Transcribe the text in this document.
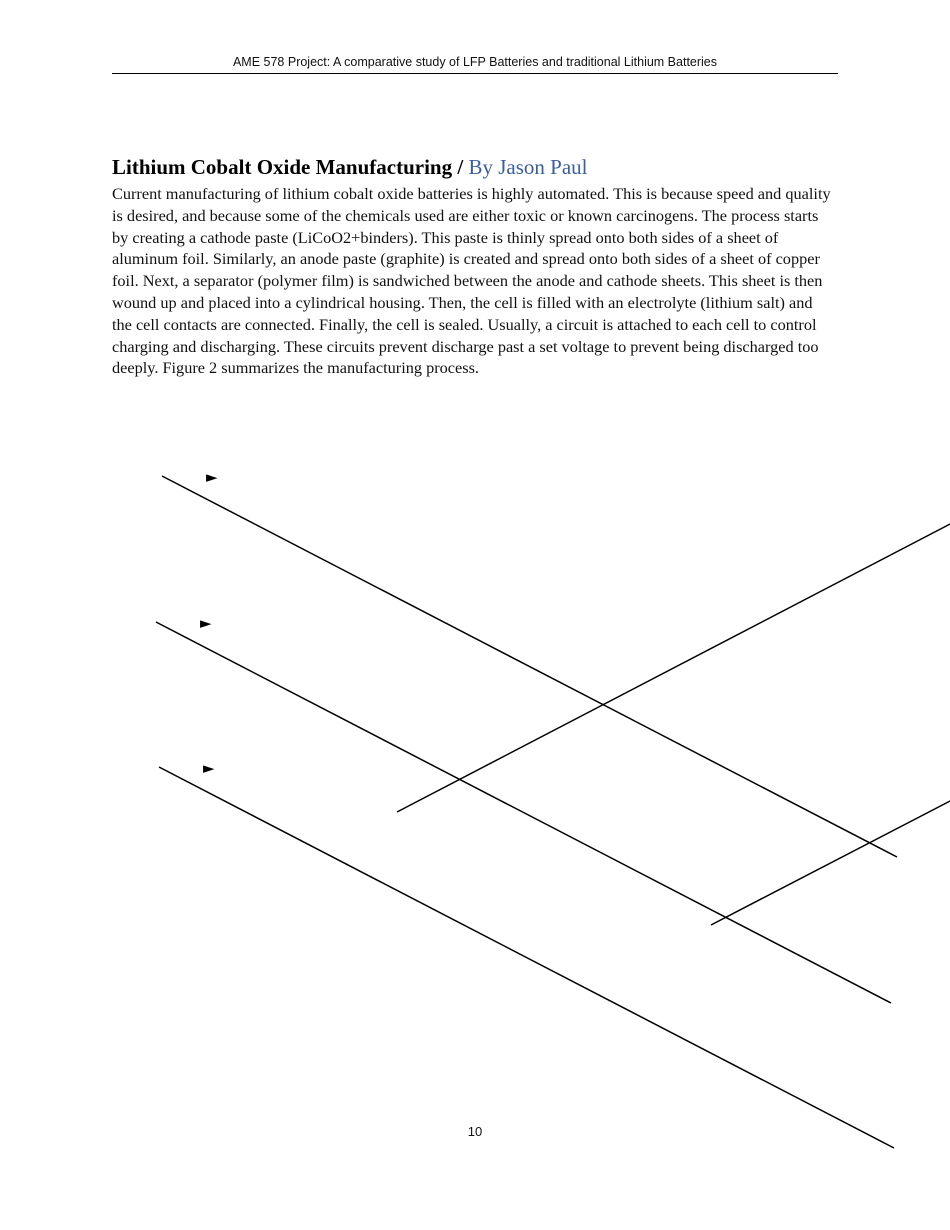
AME 578 Project: A comparative study of LFP Batteries and traditional Lithium Batteries
Lithium Cobalt Oxide Manufacturing / By Jason Paul

Current manufacturing of lithium cobalt oxide batteries is highly automated. This is because speed and quality is desired, and because some of the chemicals used are either toxic or known carcinogens. The process starts by creating a cathode paste (LiCoO2+binders). This paste is thinly spread onto both sides of a sheet of aluminum foil. Similarly, an anode paste (graphite) is created and spread onto both sides of a sheet of copper foil. Next, a separator (polymer film) is sandwiched between the anode and cathode sheets. This sheet is then wound up and placed into a cylindrical housing. Then, the cell is filled with an electrolyte (lithium salt) and the cell contacts are connected. Finally, the cell is sealed. Usually, a circuit is attached to each cell to control charging and discharging. These circuits prevent discharge past a set voltage to prevent being discharged too deeply. Figure 2 summarizes the manufacturing process.

►
►
►
10
